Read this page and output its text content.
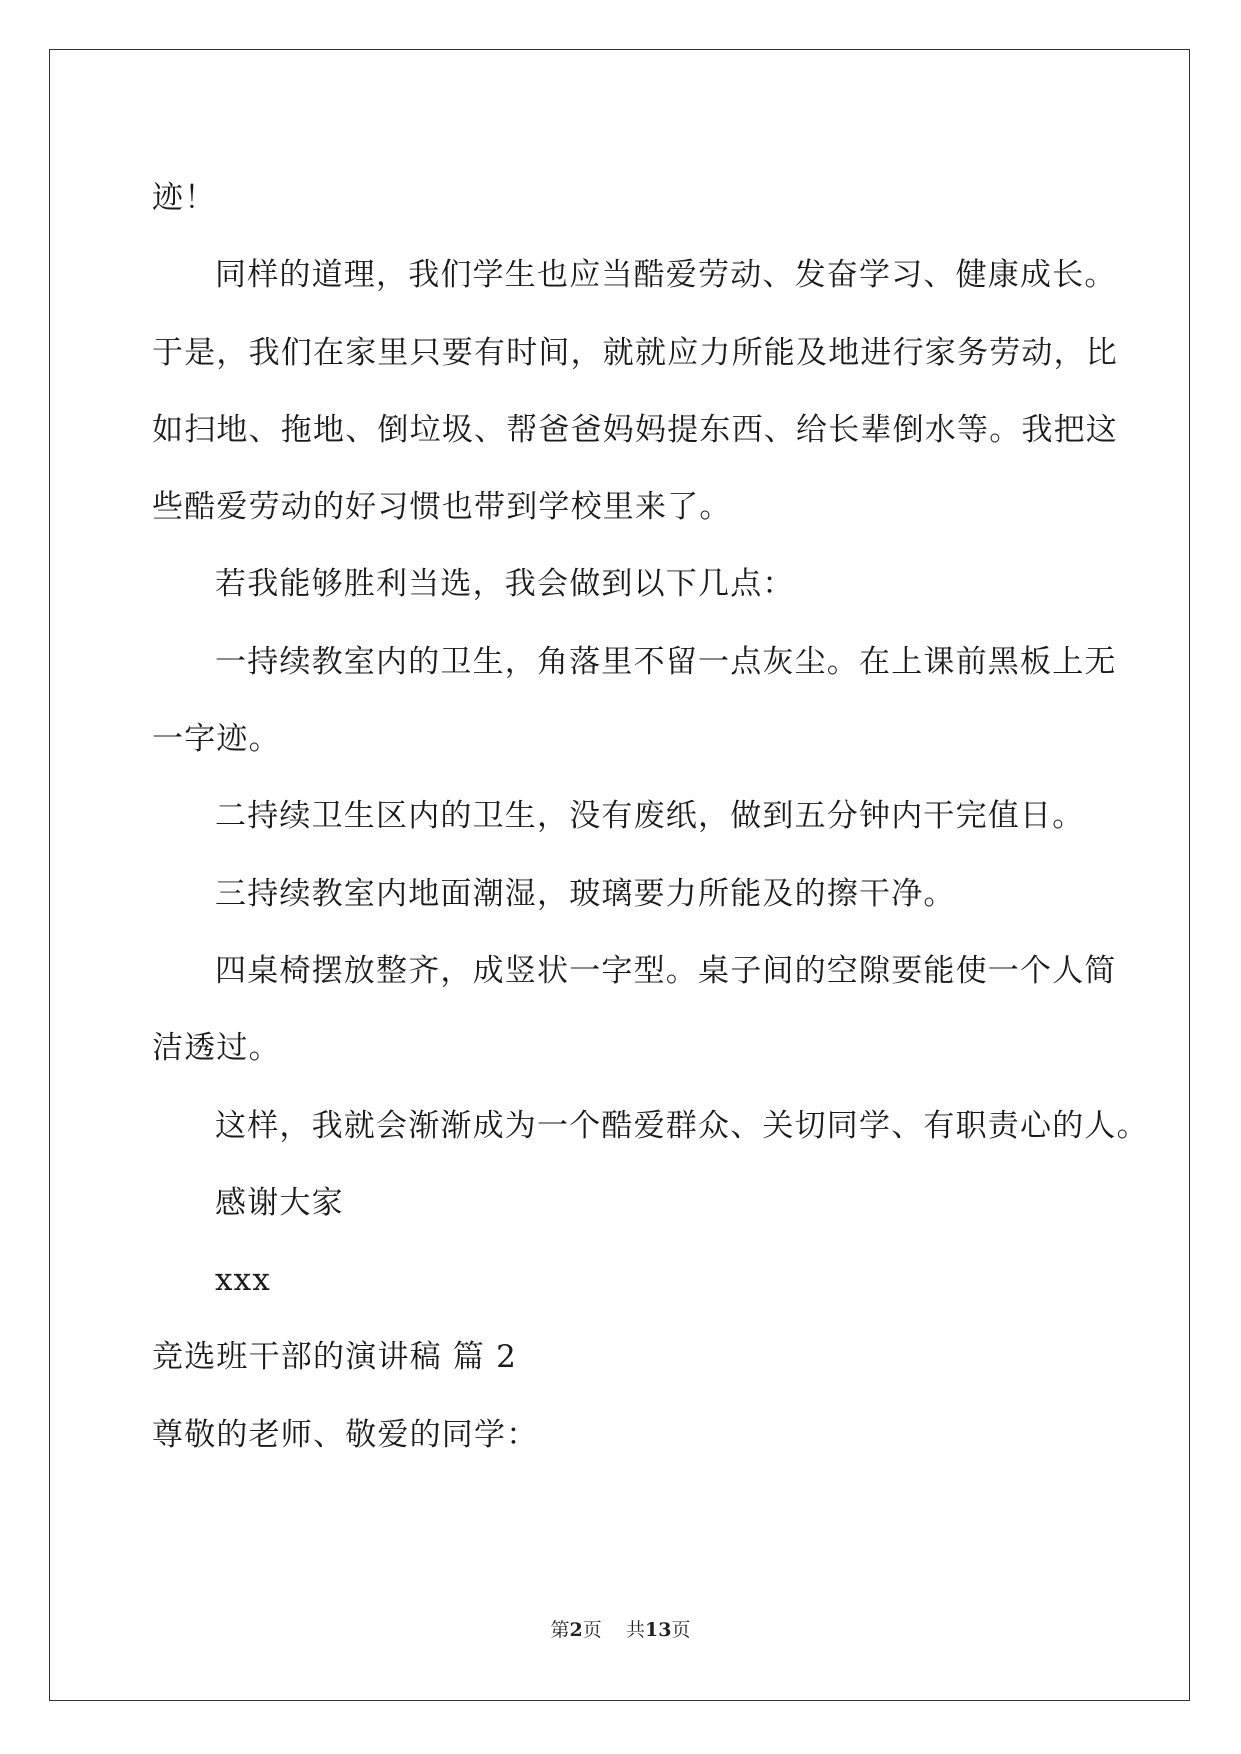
迹！

同样的道理，我们学生也应当酷爱劳动、发奋学习、健康成长。

于是，我们在家里只要有时间，就就应力所能及地进行家务劳动，比

如扫地、拖地、倒垃圾、帮爸爸妈妈提东西、给长辈倒水等。我把这

些酷爱劳动的好习惯也带到学校里来了。

若我能够胜利当选，我会做到以下几点：

一持续教室内的卫生，角落里不留一点灰尘。在上课前黑板上无

一字迹。

二持续卫生区内的卫生，没有废纸，做到五分钟内干完值日。

三持续教室内地面潮湿，玻璃要力所能及的擦干净。

四桌椅摆放整齐，成竖状一字型。桌子间的空隙要能使一个人简

洁透过。

这样，我就会渐渐成为一个酷爱群众、关切同学、有职责心的人。

感谢大家

xxx

竞选班干部的演讲稿 篇 2

尊敬的老师、敬爱的同学：

第2页 共13页
